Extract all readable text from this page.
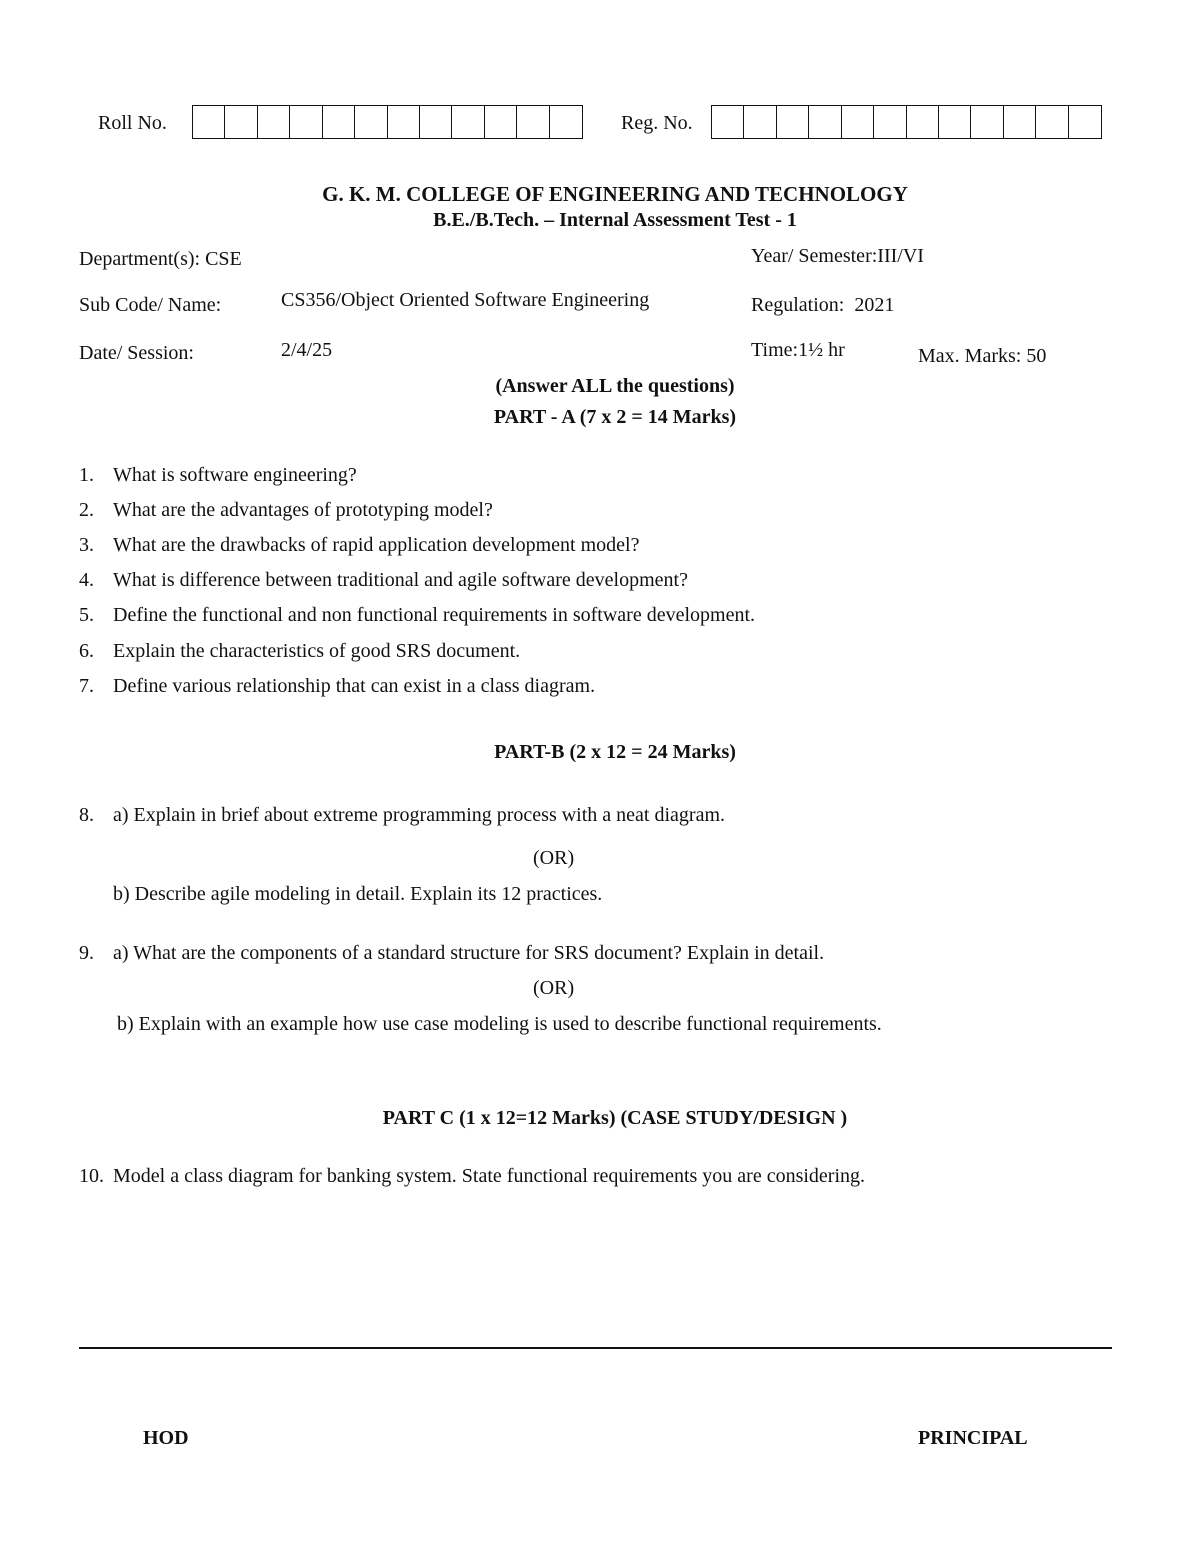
Roll No.	Reg. No.
G. K. M. COLLEGE OF ENGINEERING AND TECHNOLOGY
B.E./B.Tech. – Internal Assessment Test - 1
Department(s): CSE	Year/ Semester:III/VI
Sub Code/ Name:	CS356/Object Oriented Software Engineering	Regulation: 2021
Date/ Session:	2/4/25	Time:1½ hr	Max. Marks: 50
(Answer ALL the questions)
PART - A (7 x 2 = 14 Marks)
1. What is software engineering?
2. What are the advantages of prototyping model?
3. What are the drawbacks of rapid application development model?
4. What is difference between traditional and agile software development?
5. Define the functional and non functional requirements in software development.
6. Explain the characteristics of good SRS document.
7. Define various relationship that can exist in a class diagram.
PART-B (2 x 12 = 24 Marks)
8. a) Explain in brief about extreme programming process with a neat diagram.
(OR)
b) Describe agile modeling in detail. Explain its 12 practices.
9. a) What are the components of a standard structure for SRS document? Explain in detail.
(OR)
b) Explain with an example how use case modeling is used to describe functional requirements.
PART C (1 x 12=12 Marks) (CASE STUDY/DESIGN )
10. Model a class diagram for banking system. State functional requirements you are considering.
HOD	PRINCIPAL
